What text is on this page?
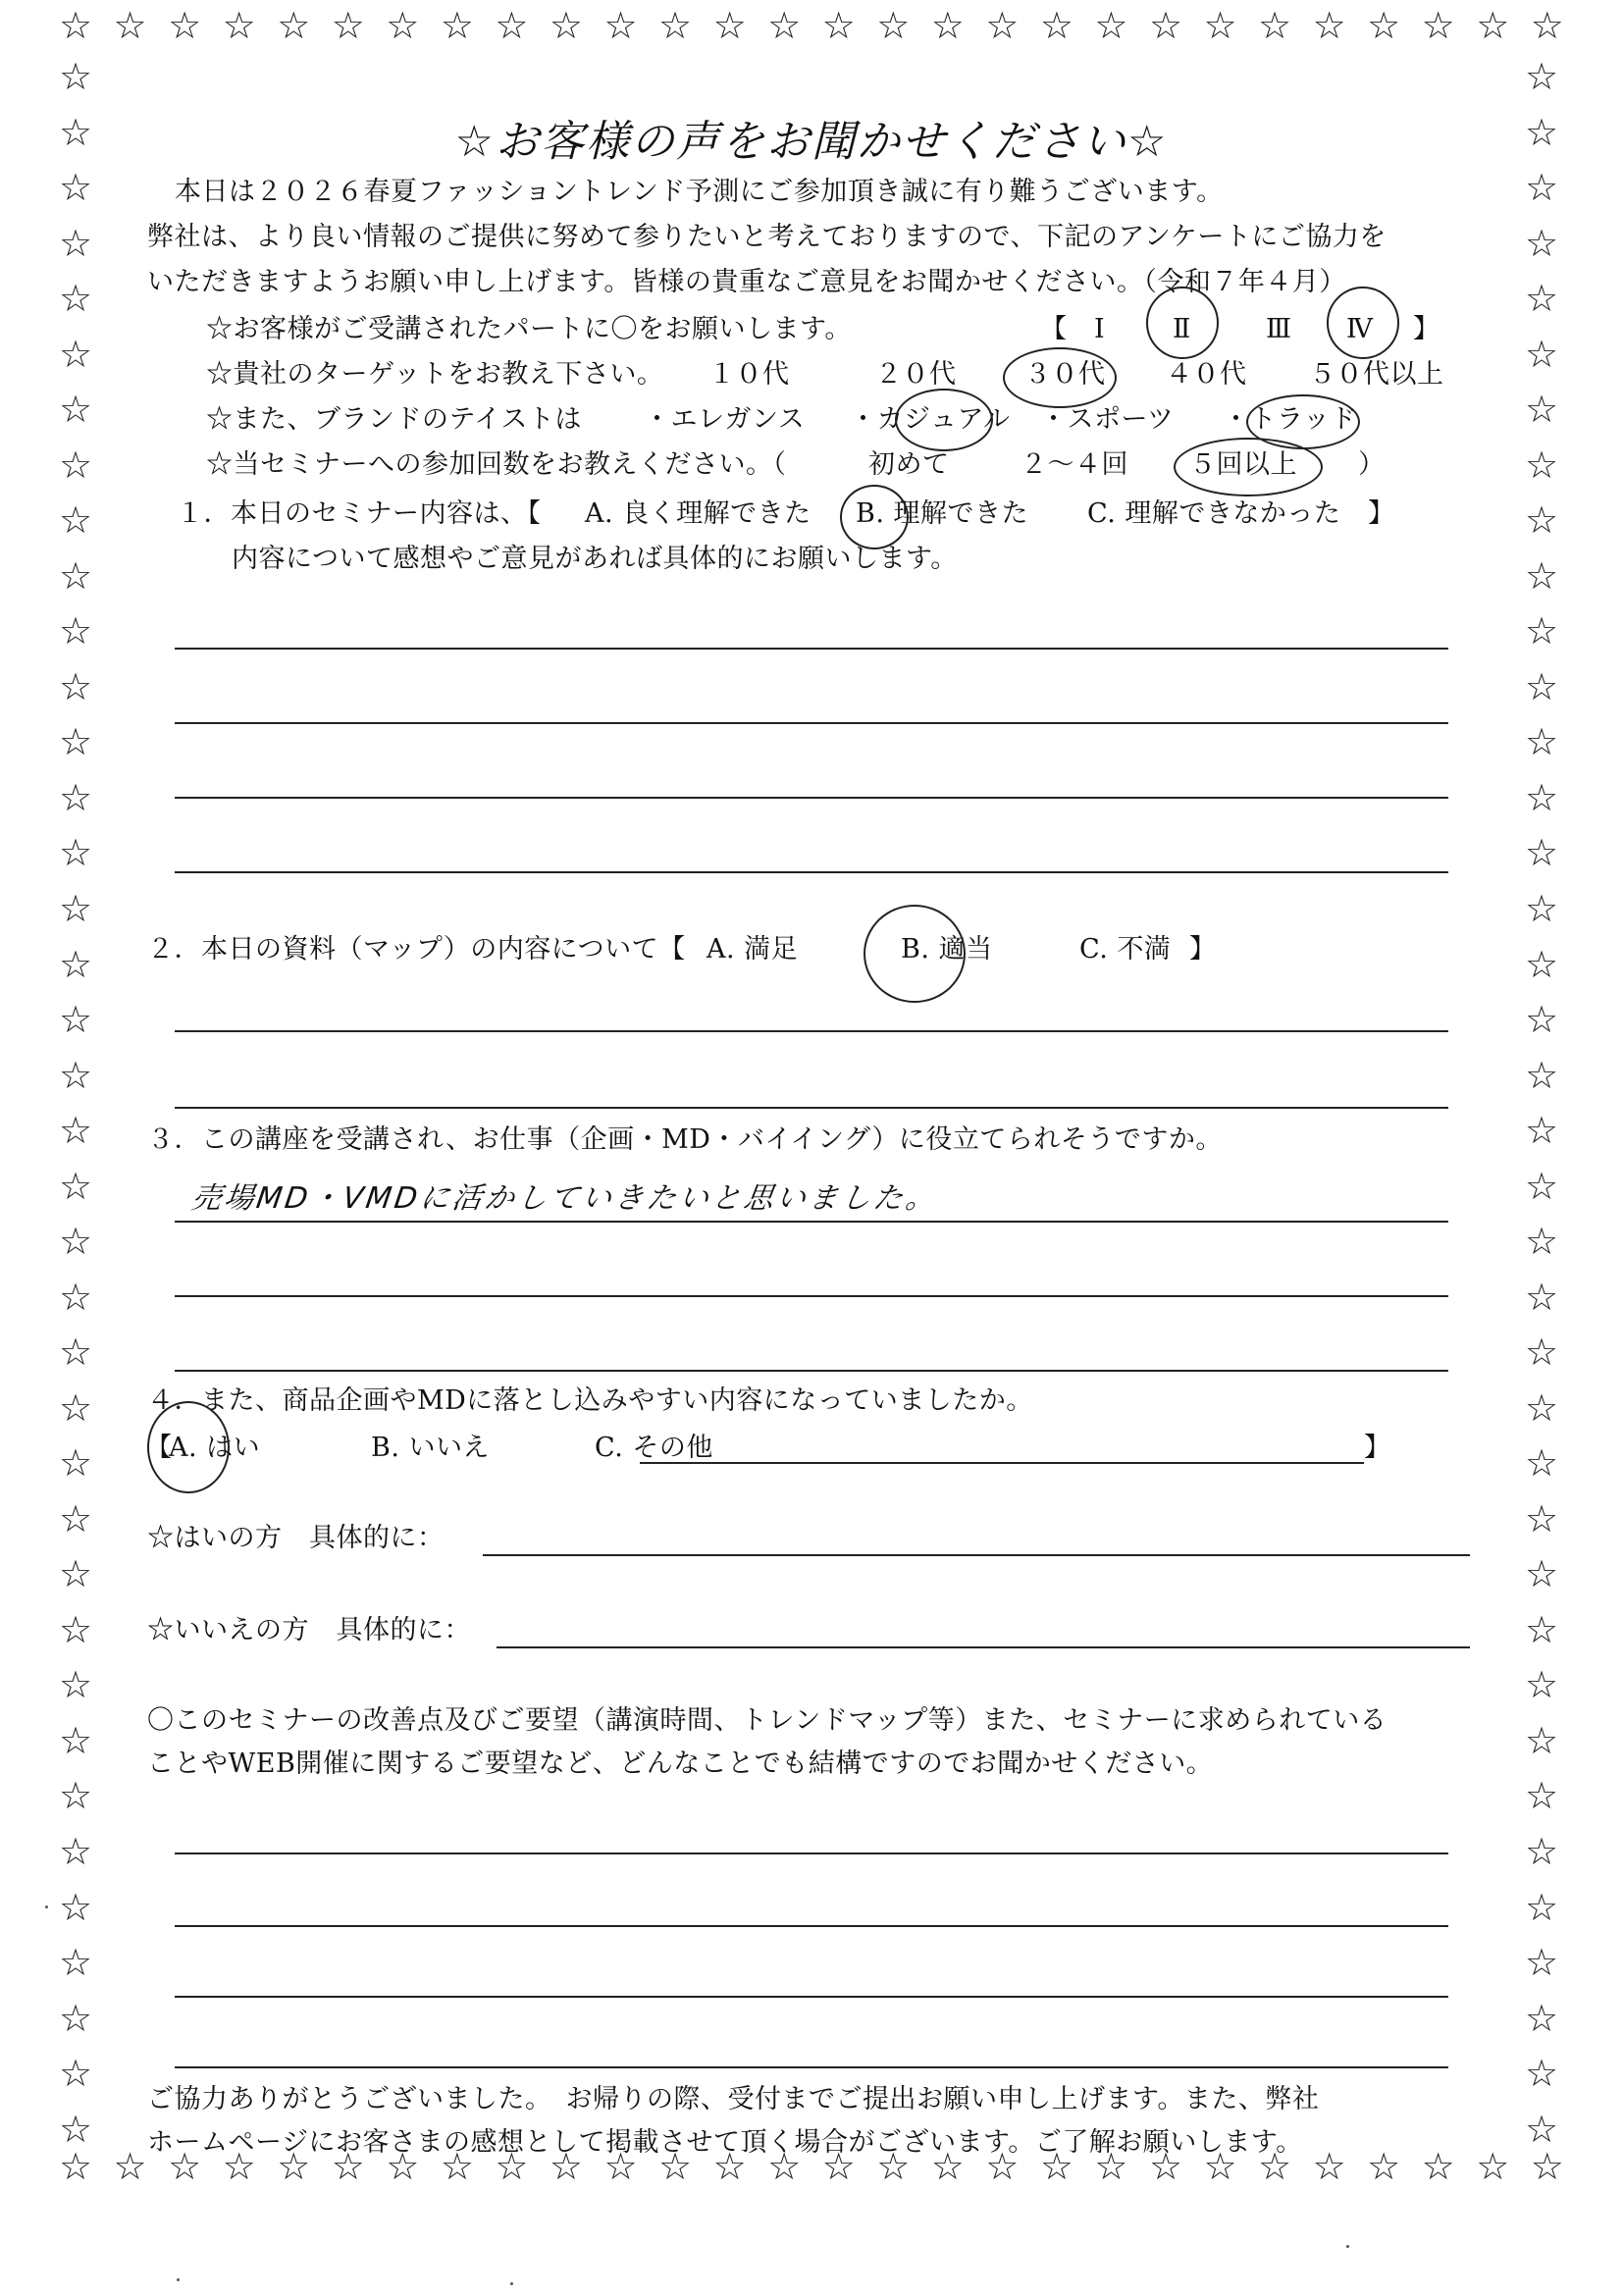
☆ ☆ ☆ ☆ ☆ ☆ ☆ ☆ ☆ ☆ ☆ ☆ ☆ ☆ ☆ ☆ ☆ ☆ ☆ ☆ ☆ ☆ ☆ ☆ ☆ ☆ ☆ ☆
☆ ☆ ☆ ☆ ☆ ☆ ☆ ☆ ☆ ☆ ☆ ☆ ☆ ☆ ☆ ☆ ☆ ☆ ☆ ☆ ☆ ☆ ☆ ☆ ☆ ☆ ☆ ☆
☆
☆
☆
☆
☆
☆
☆
☆
☆
☆
☆
☆
☆
☆
☆
☆
☆
☆
☆
☆
☆
☆
☆
☆
☆
☆
☆
☆
☆
☆
☆
☆
☆
☆
☆
☆
☆
☆
☆
☆
☆
☆
☆
☆
☆
☆
☆
☆
☆
☆
☆
☆
☆
☆
☆
☆
☆
☆
☆
☆
☆
☆
☆
☆
☆
☆
☆
☆
☆
☆
☆
☆
☆
☆
☆
☆
☆お客様の声をお聞かせください☆
本日は２０２６春夏ファッショントレンド予測にご参加頂き誠に有り難うございます。
弊社は、より良い情報のご提供に努めて参りたいと考えておりますので、下記のアンケートにご協力を
いただきますようお願い申し上げます。皆様の貴重なご意見をお聞かせください。（令和７年４月）
☆お客様がご受講されたパートに〇をお願いします。	【 Ⅰ	Ⅱ	Ⅲ Ⅳ 】
☆貴社のターゲットをお教え下さい。 １０代	２０代	３０代 ４０代 ５０代以上
☆また、ブランドのテイストは ・エレガンス ・カジュアル ・スポーツ ・トラッド
☆当セミナーへの参加回数をお教えください。（	初めて	２～４回 ５回以上 ）
１．本日のセミナー内容は、【 A. 良く理解できた B. 理解できた C. 理解できなかった 】
内容について感想やご意見があれば具体的にお願いします。
２．本日の資料（マップ）の内容について【 A. 満足	B. 適当	C. 不満 】
３．この講座を受講され、お仕事（企画・MD・バイイング）に役立てられそうですか。
売場MD・VMDに活かしていきたいと思いました。
４．また、商品企画やMDに落とし込みやすい内容になっていましたか。
【
A. はい	B. いいえ	C. その他	】
☆はいの方　具体的に：
☆いいえの方　具体的に：
〇このセミナーの改善点及びご要望（講演時間、トレンドマップ等）また、セミナーに求められている
ことやWEB開催に関するご要望など、どんなことでも結構ですのでお聞かせください。
ご協力ありがとうございました。　お帰りの際、受付までご提出お願い申し上げます。また、弊社
ホームページにお客さまの感想として掲載させて頂く場合がございます。ご了解お願いします。
